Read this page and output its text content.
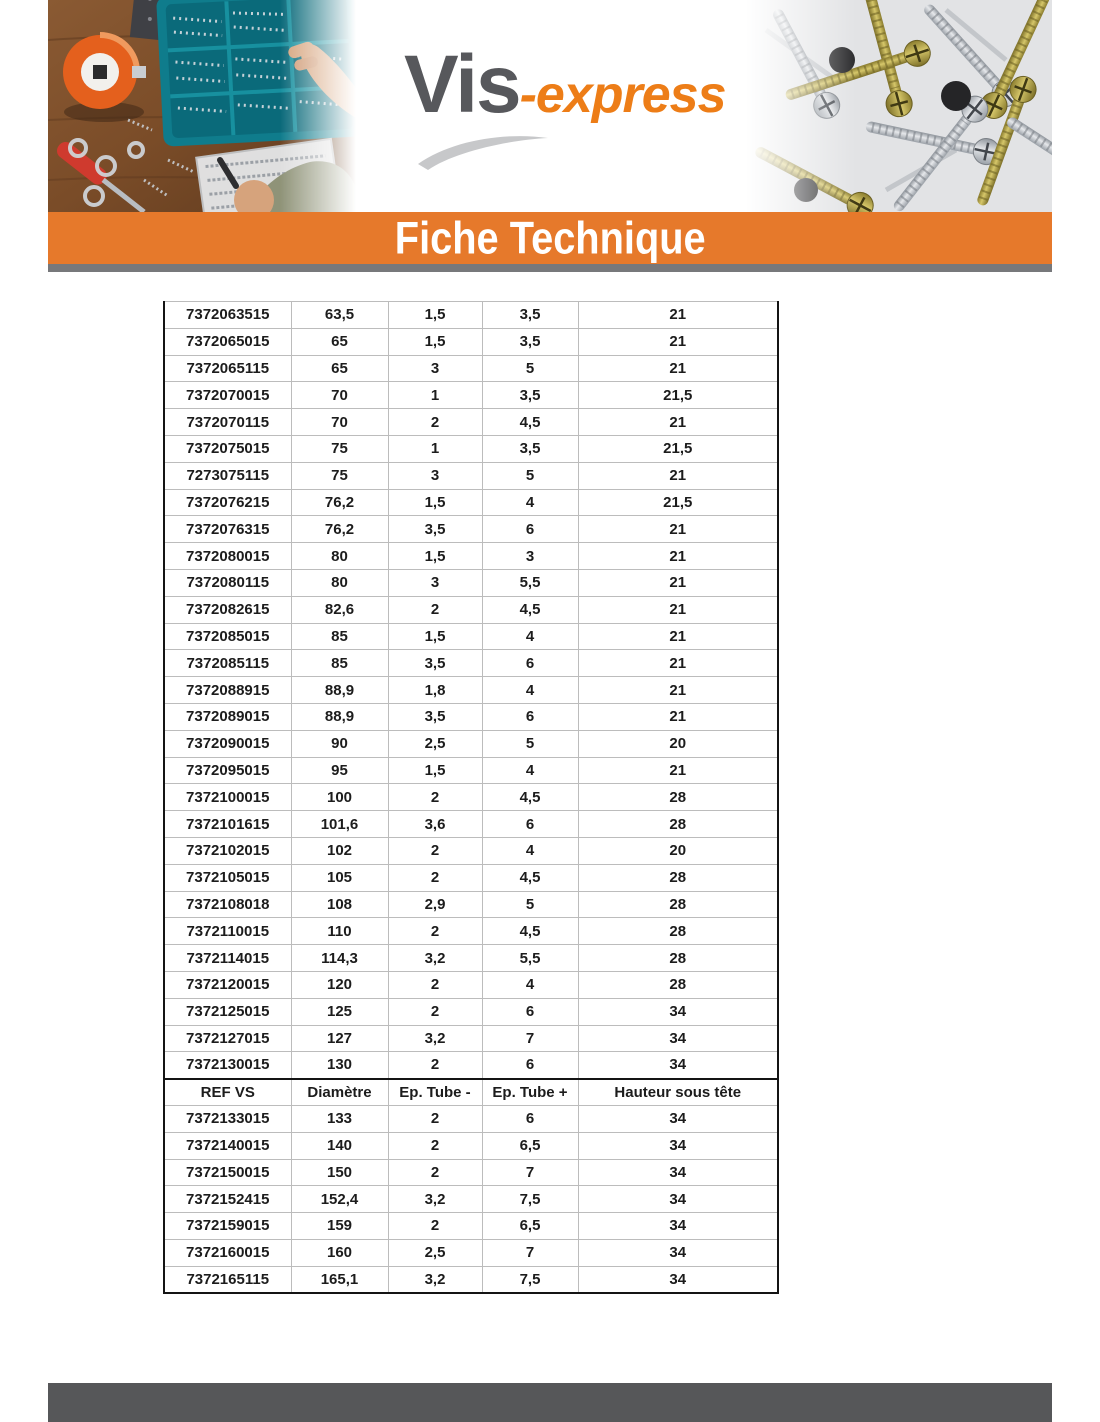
Vis-express
Fiche Technique
7372063515	63,5	1,5	3,5	21
7372065015	65	1,5	3,5	21
7372065115	65	3	5	21
7372070015	70	1	3,5	21,5
7372070115	70	2	4,5	21
7372075015	75	1	3,5	21,5
7273075115	75	3	5	21
7372076215	76,2	1,5	4	21,5
7372076315	76,2	3,5	6	21
7372080015	80	1,5	3	21
7372080115	80	3	5,5	21
7372082615	82,6	2	4,5	21
7372085015	85	1,5	4	21
7372085115	85	3,5	6	21
7372088915	88,9	1,8	4	21
7372089015	88,9	3,5	6	21
7372090015	90	2,5	5	20
7372095015	95	1,5	4	21
7372100015	100	2	4,5	28
7372101615	101,6	3,6	6	28
7372102015	102	2	4	20
7372105015	105	2	4,5	28
7372108018	108	2,9	5	28
7372110015	110	2	4,5	28
7372114015	114,3	3,2	5,5	28
7372120015	120	2	4	28
7372125015	125	2	6	34
7372127015	127	3,2	7	34
7372130015	130	2	6	34
REF VS	Diamètre	Ep. Tube -	Ep. Tube +	Hauteur sous tête
7372133015	133	2	6	34
7372140015	140	2	6,5	34
7372150015	150	2	7	34
7372152415	152,4	3,2	7,5	34
7372159015	159	2	6,5	34
7372160015	160	2,5	7	34
7372165115	165,1	3,2	7,5	34
